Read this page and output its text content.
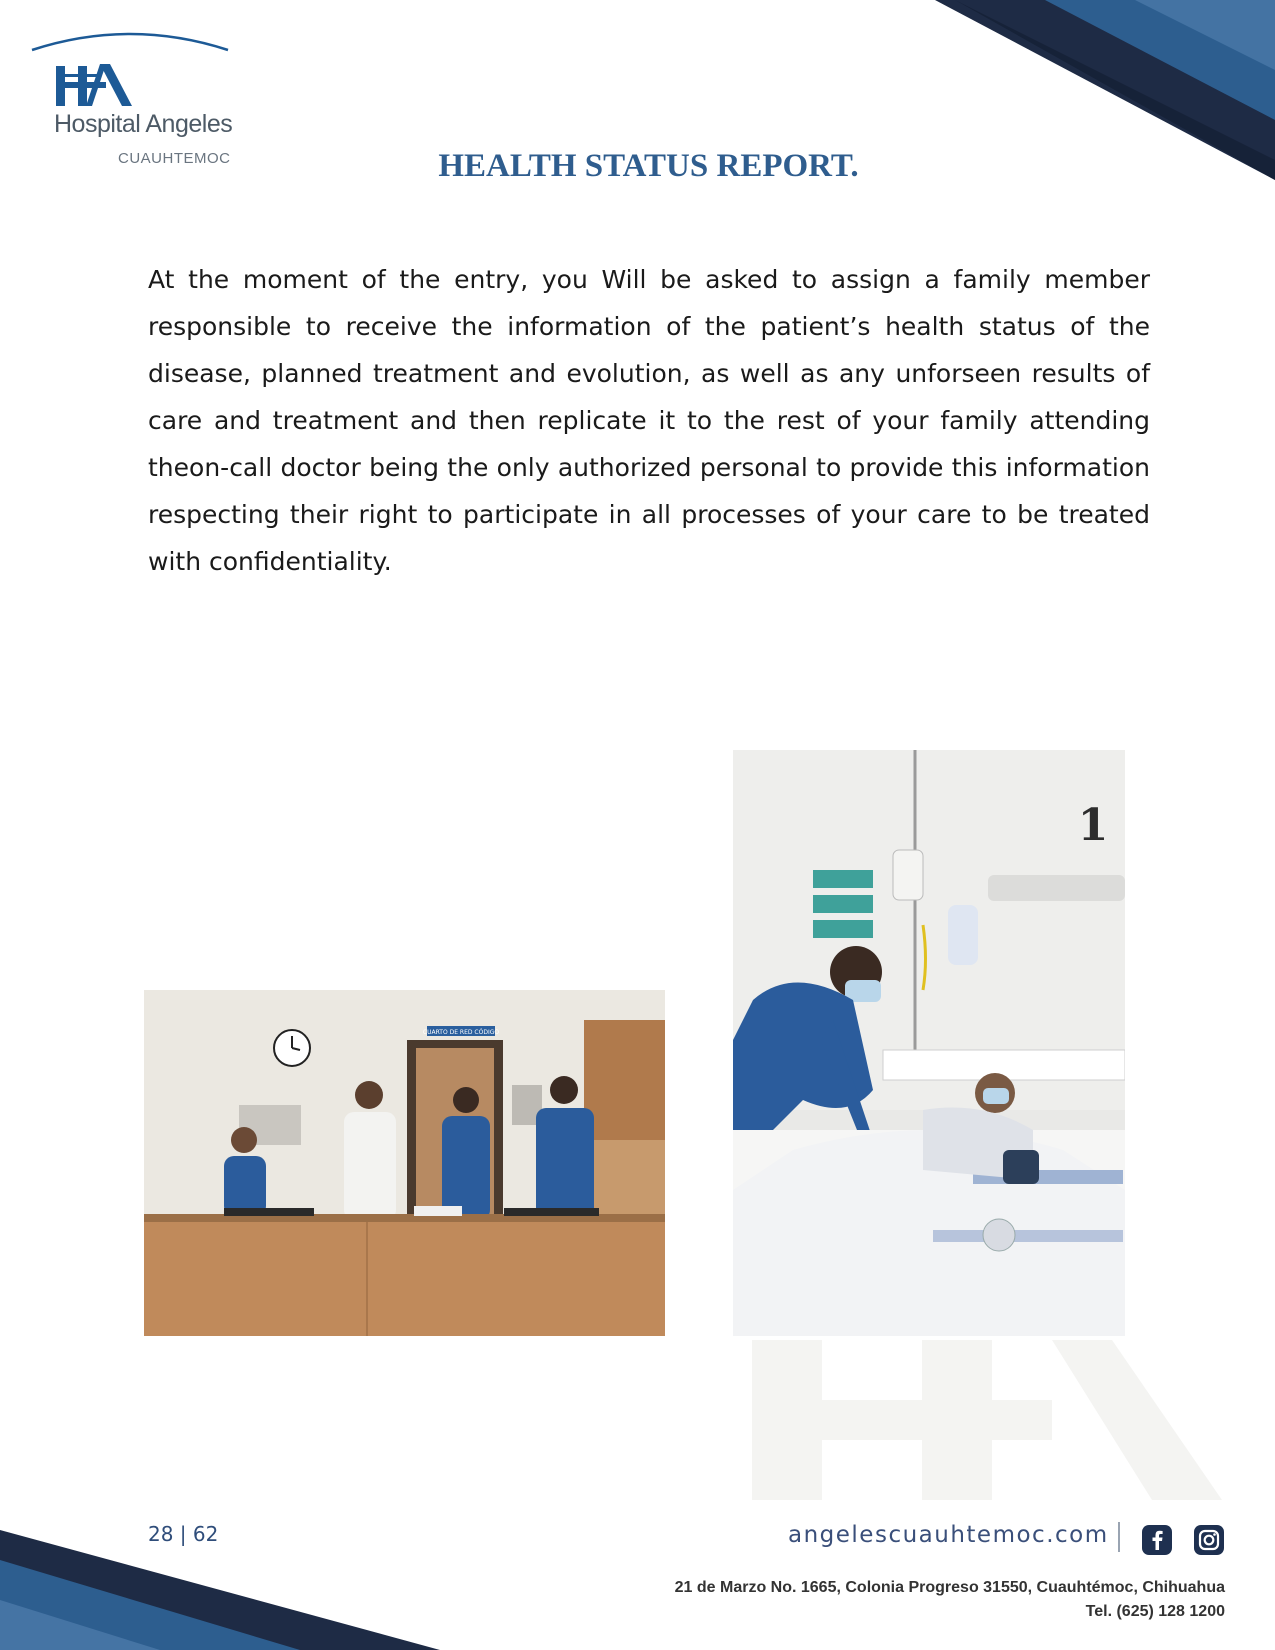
Hospital Angeles
CUAUHTEMOC	HEALTH STATUS REPORT.

At the moment of the entry, you Will be asked to assign a family member responsible to receive the information of the patient’s health status of the disease, planned treatment and evolution, as well as any unforseen results of care and treatment and then replicate it to the rest of your family attending theon-call doctor being the only authorized personal to provide this information respecting their right to participate in all processes of your care to be treated with confidentiality.

CUARTO DE RED CÓDIGO
1
28 | 62	angelescuauhtemoc.com
21 de Marzo No. 1665, Colonia Progreso 31550, Cuauhtémoc, Chihuahua
Tel. (625) 128 1200
